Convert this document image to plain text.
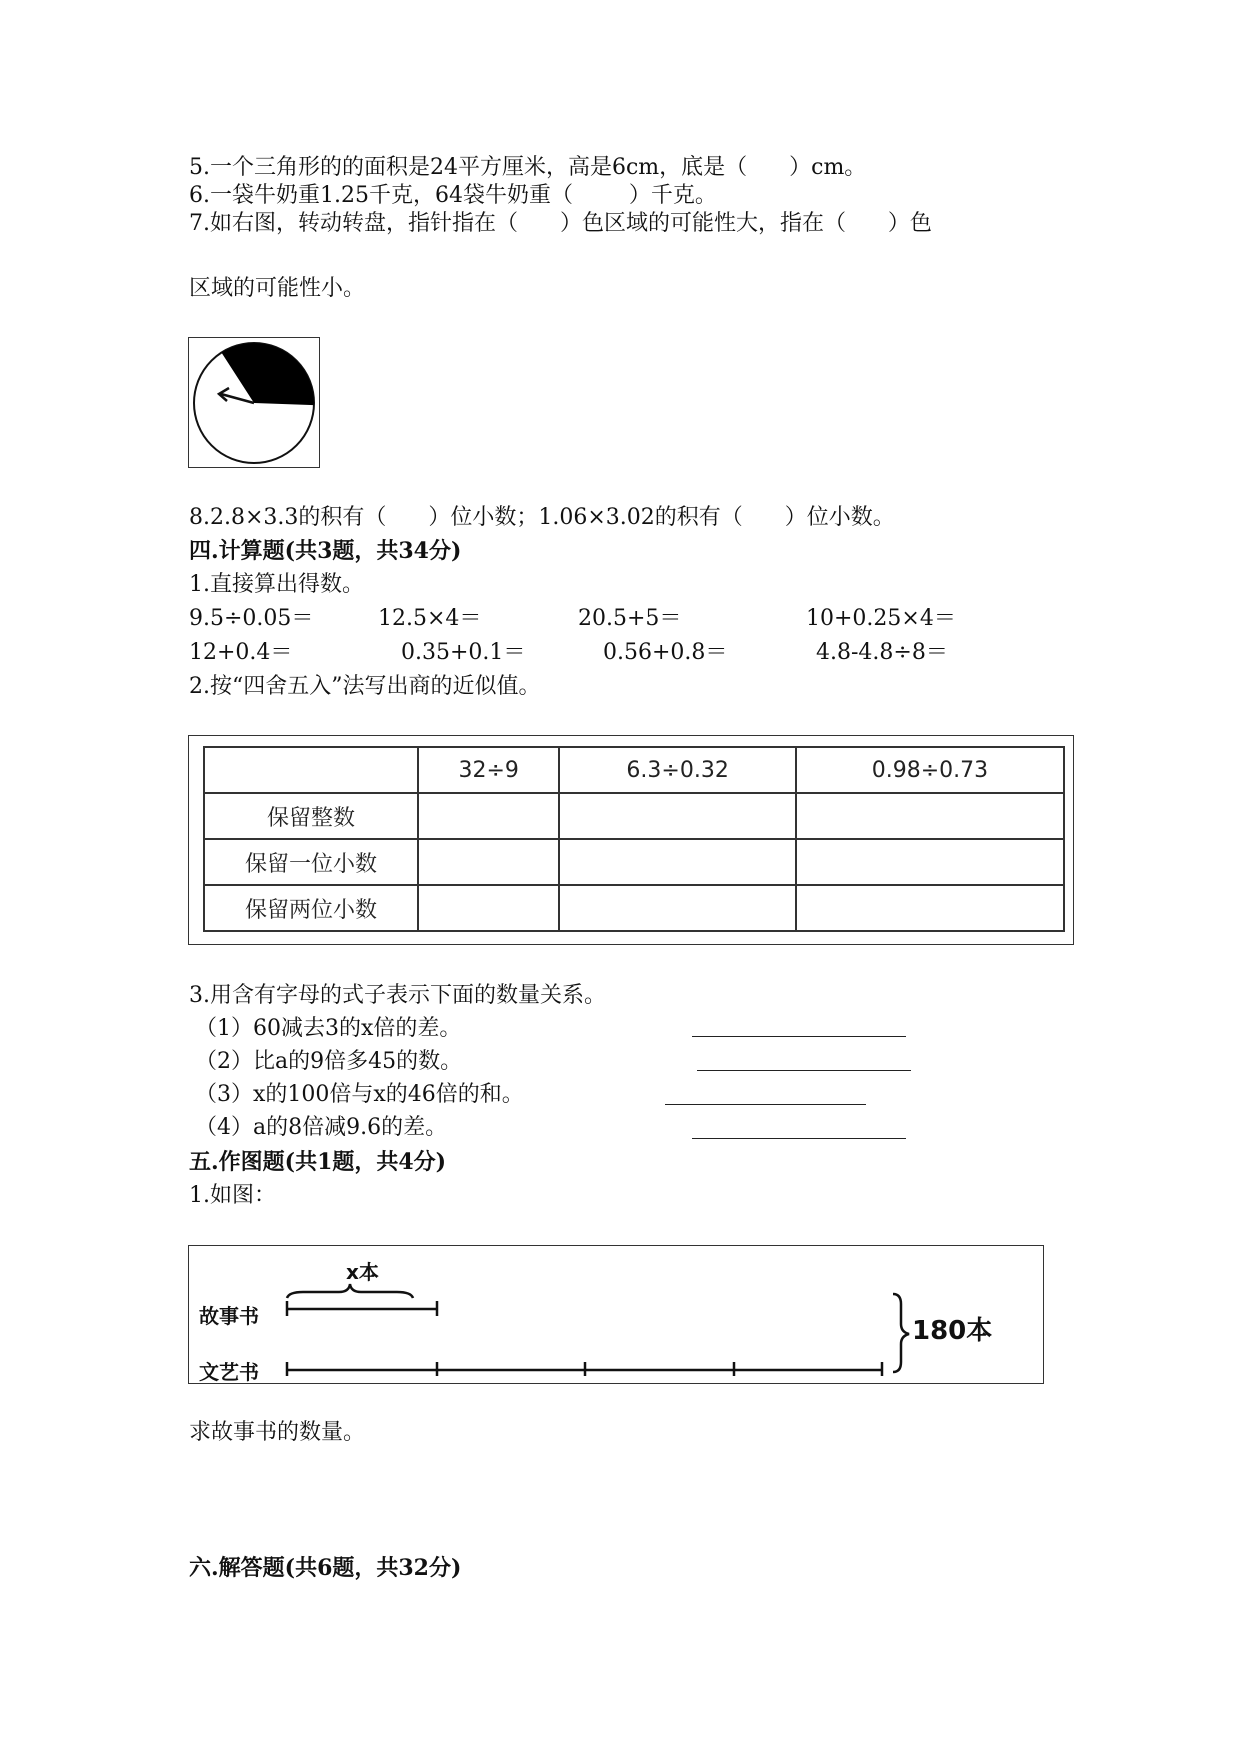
5.一个三角形的的面积是24平方厘米，高是6cm，底是（      ）cm。

6.一袋牛奶重1.25千克，64袋牛奶重（        ）千克。

7.如右图，转动转盘，指针指在（      ）色区域的可能性大，指在（      ）色

区域的可能性小。

8.2.8×3.3的积有（      ）位小数；1.06×3.02的积有（      ）位小数。

四.计算题(共3题，共34分)

1.直接算出得数。

9.5÷0.05＝	12.5×4＝	20.5+5＝	10+0.25×4＝
12+0.4＝	0.35+0.1＝	0.56+0.8＝	4.8-4.8÷8＝

2.按“四舍五入”法写出商的近似值。

	32÷9	6.3÷0.32	0.98÷0.73
保留整数			
保留一位小数			
保留两位小数			

3.用含有字母的式子表示下面的数量关系。

（1）60减去3的x倍的差。

（2）比a的9倍多45的数。

（3）x的100倍与x的46倍的和。

（4）a的8倍减9.6的差。

五.作图题(共1题，共4分)

1.如图：

x本
故事书
文艺书
180本

求故事书的数量。

六.解答题(共6题，共32分)
